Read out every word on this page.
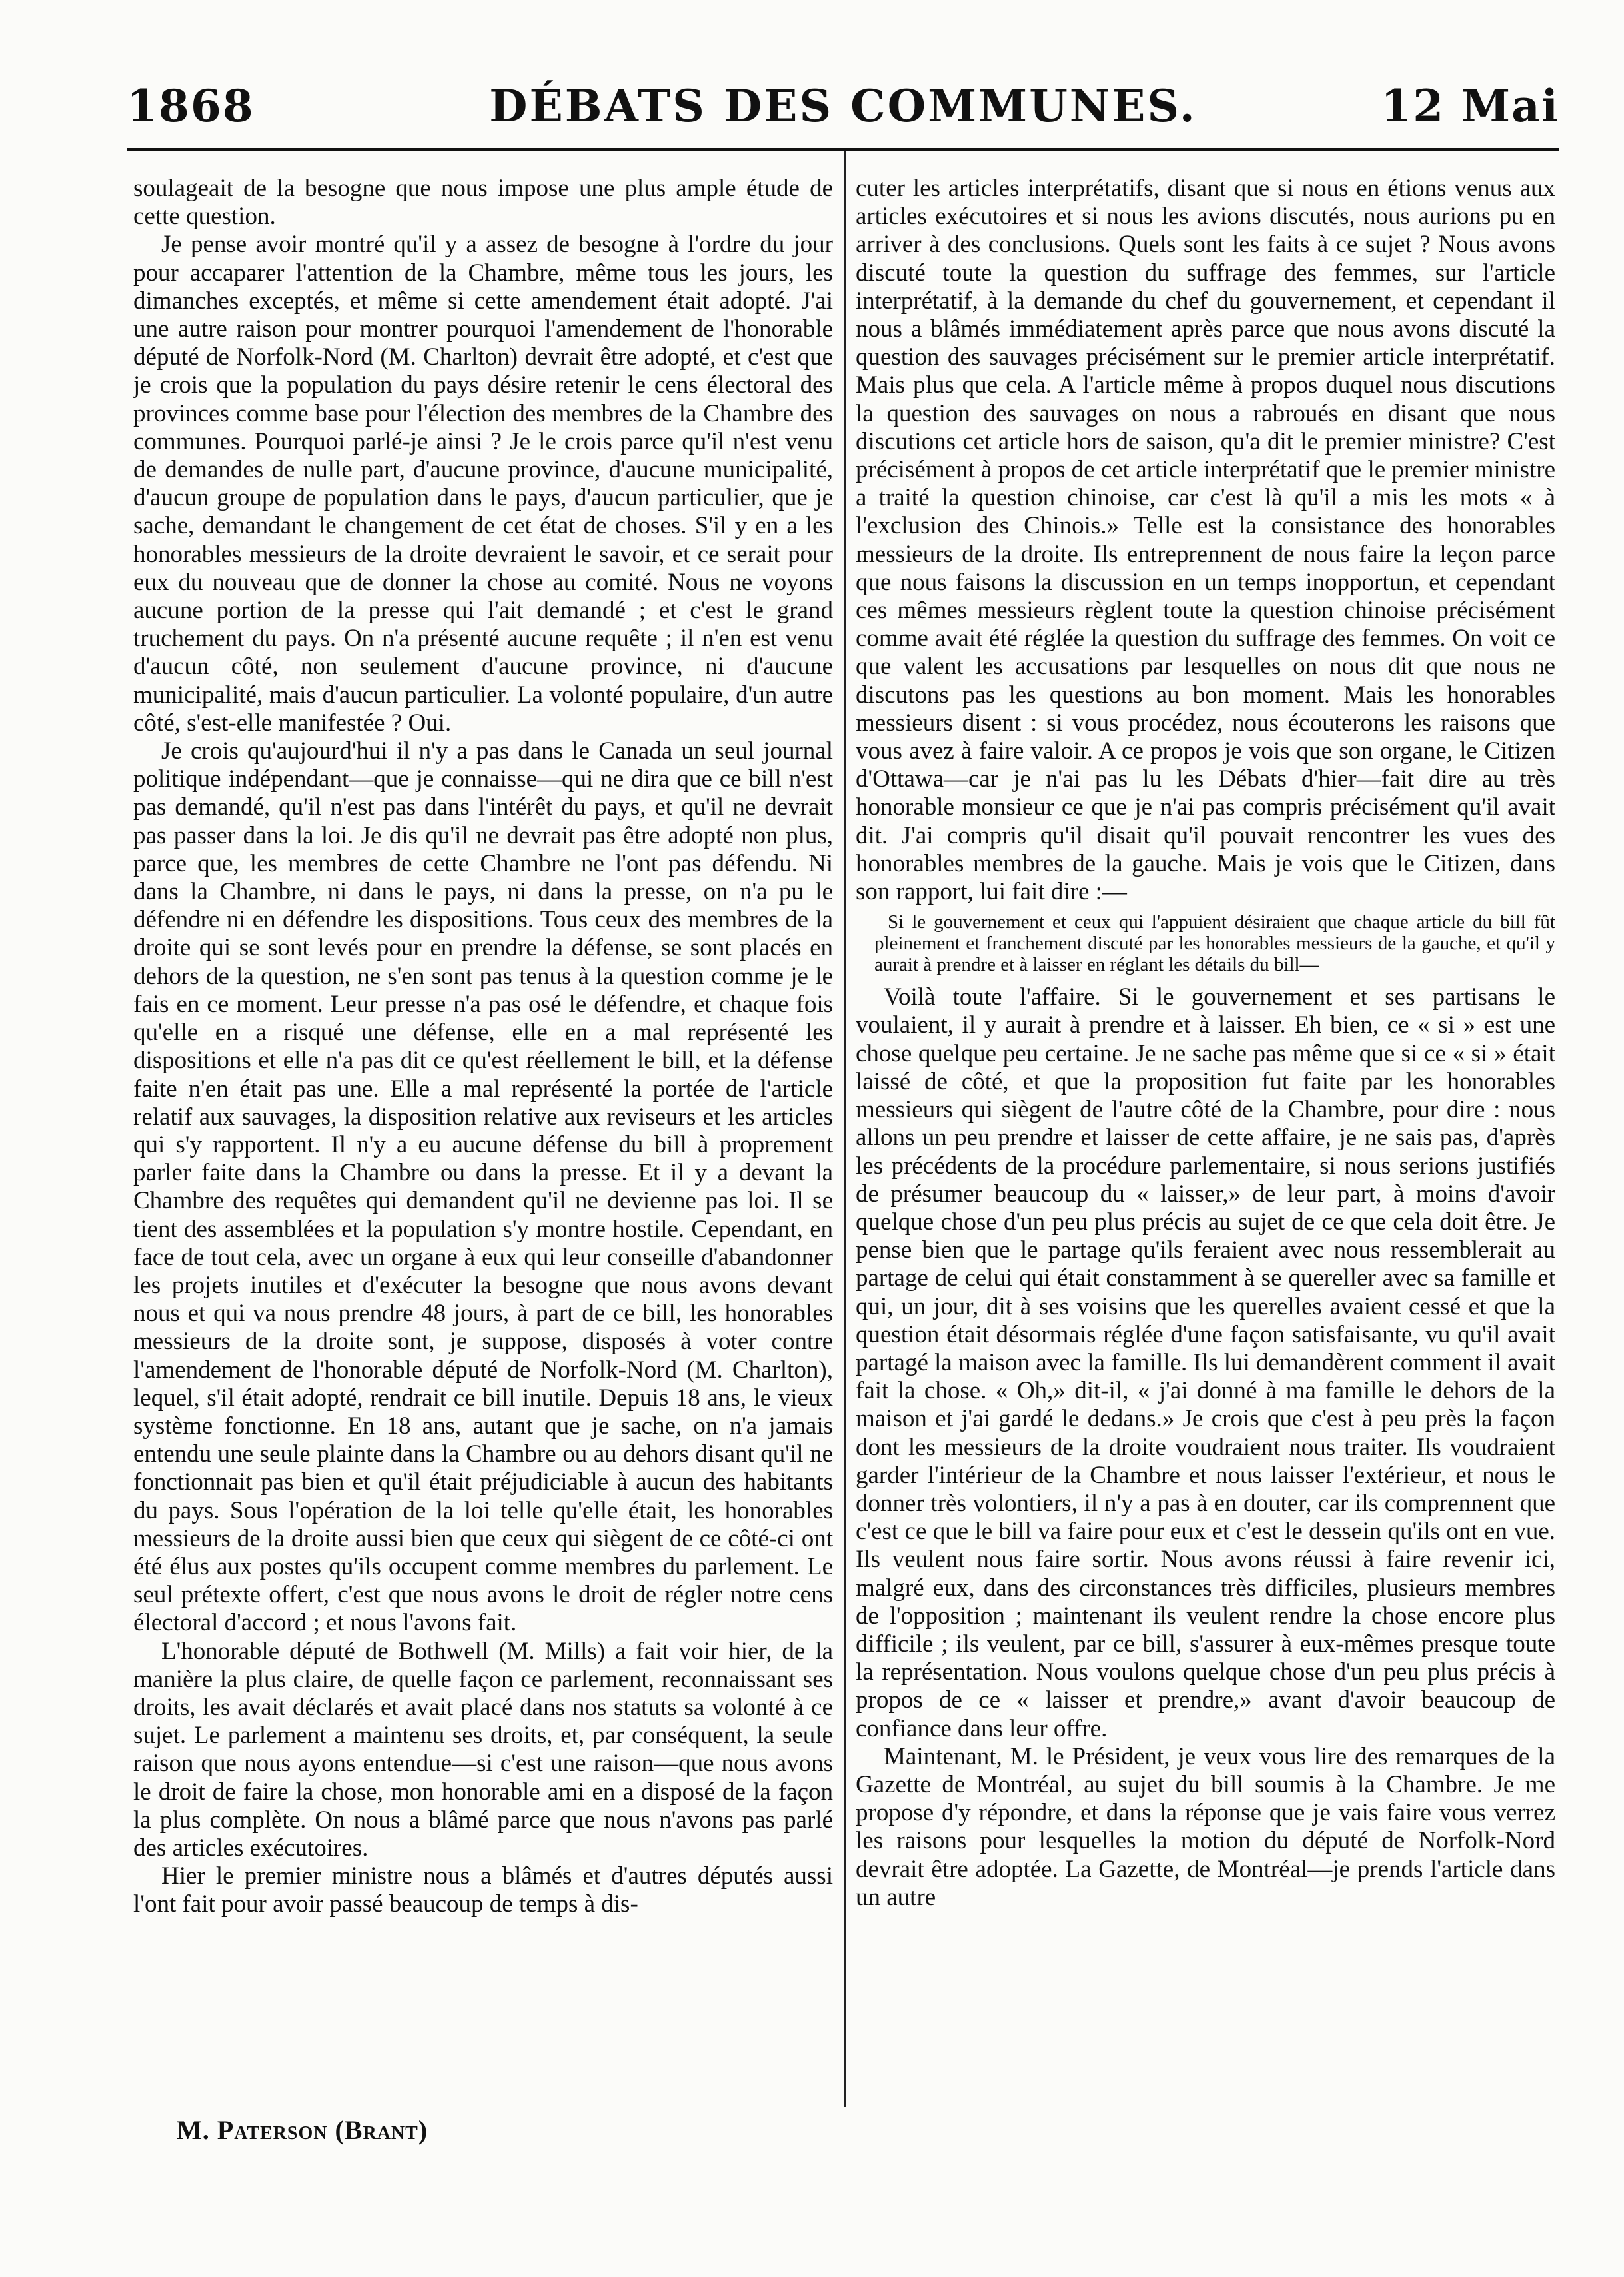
1868	DÉBATS DES COMMUNES.	12 Mai

soulageait de la besogne que nous impose une plus ample étude de cette question.

Je pense avoir montré qu'il y a assez de besogne à l'ordre du jour pour accaparer l'attention de la Chambre, même tous les jours, les dimanches exceptés, et même si cette amendement était adopté. J'ai une autre raison pour montrer pourquoi l'amendement de l'honorable député de Norfolk-Nord (M. Charlton) devrait être adopté, et c'est que je crois que la population du pays désire retenir le cens électoral des provinces comme base pour l'élection des membres de la Chambre des communes. Pourquoi parlé-je ainsi ? Je le crois parce qu'il n'est venu de demandes de nulle part, d'aucune province, d'aucune municipalité, d'aucun groupe de population dans le pays, d'aucun particulier, que je sache, demandant le changement de cet état de choses. S'il y en a les honorables messieurs de la droite devraient le savoir, et ce serait pour eux du nouveau que de donner la chose au comité. Nous ne voyons aucune portion de la presse qui l'ait demandé ; et c'est le grand truchement du pays. On n'a présenté aucune requête ; il n'en est venu d'aucun côté, non seulement d'aucune province, ni d'aucune municipalité, mais d'aucun particulier. La volonté populaire, d'un autre côté, s'est-elle manifestée ? Oui.

Je crois qu'aujourd'hui il n'y a pas dans le Canada un seul journal politique indépendant—que je connaisse—qui ne dira que ce bill n'est pas demandé, qu'il n'est pas dans l'intérêt du pays, et qu'il ne devrait pas passer dans la loi. Je dis qu'il ne devrait pas être adopté non plus, parce que, les membres de cette Chambre ne l'ont pas défendu. Ni dans la Chambre, ni dans le pays, ni dans la presse, on n'a pu le défendre ni en défendre les dispositions. Tous ceux des membres de la droite qui se sont levés pour en prendre la défense, se sont placés en dehors de la question, ne s'en sont pas tenus à la question comme je le fais en ce moment. Leur presse n'a pas osé le défendre, et chaque fois qu'elle en a risqué une défense, elle en a mal représenté les dispositions et elle n'a pas dit ce qu'est réellement le bill, et la défense faite n'en était pas une. Elle a mal représenté la portée de l'article relatif aux sauvages, la disposition relative aux reviseurs et les articles qui s'y rapportent. Il n'y a eu aucune défense du bill à proprement parler faite dans la Chambre ou dans la presse. Et il y a devant la Chambre des requêtes qui demandent qu'il ne devienne pas loi. Il se tient des assemblées et la population s'y montre hostile. Cependant, en face de tout cela, avec un organe à eux qui leur conseille d'abandonner les projets inutiles et d'exécuter la besogne que nous avons devant nous et qui va nous prendre 48 jours, à part de ce bill, les honorables messieurs de la droite sont, je suppose, disposés à voter contre l'amendement de l'honorable député de Norfolk-Nord (M. Charlton), lequel, s'il était adopté, rendrait ce bill inutile. Depuis 18 ans, le vieux système fonctionne. En 18 ans, autant que je sache, on n'a jamais entendu une seule plainte dans la Chambre ou au dehors disant qu'il ne fonctionnait pas bien et qu'il était préjudiciable à aucun des habitants du pays. Sous l'opération de la loi telle qu'elle était, les honorables messieurs de la droite aussi bien que ceux qui siègent de ce côté-ci ont été élus aux postes qu'ils occupent comme membres du parlement. Le seul prétexte offert, c'est que nous avons le droit de régler notre cens électoral d'accord ; et nous l'avons fait.

L'honorable député de Bothwell (M. Mills) a fait voir hier, de la manière la plus claire, de quelle façon ce parlement, reconnaissant ses droits, les avait déclarés et avait placé dans nos statuts sa volonté à ce sujet. Le parlement a maintenu ses droits, et, par conséquent, la seule raison que nous ayons entendue—si c'est une raison—que nous avons le droit de faire la chose, mon honorable ami en a disposé de la façon la plus complète. On nous a blâmé parce que nous n'avons pas parlé des articles exécutoires.

Hier le premier ministre nous a blâmés et d'autres députés aussi l'ont fait pour avoir passé beaucoup de temps à dis-

cuter les articles interprétatifs, disant que si nous en étions venus aux articles exécutoires et si nous les avions discutés, nous aurions pu en arriver à des conclusions. Quels sont les faits à ce sujet ? Nous avons discuté toute la question du suffrage des femmes, sur l'article interprétatif, à la demande du chef du gouvernement, et cependant il nous a blâmés immédiatement après parce que nous avons discuté la question des sauvages précisément sur le premier article interprétatif. Mais plus que cela. A l'article même à propos duquel nous discutions la question des sauvages on nous a rabroués en disant que nous discutions cet article hors de saison, qu'a dit le premier ministre? C'est précisément à propos de cet article interprétatif que le premier ministre a traité la question chinoise, car c'est là qu'il a mis les mots « à l'exclusion des Chinois.» Telle est la consistance des honorables messieurs de la droite. Ils entreprennent de nous faire la leçon parce que nous faisons la discussion en un temps inopportun, et cependant ces mêmes messieurs règlent toute la question chinoise précisément comme avait été réglée la question du suffrage des femmes. On voit ce que valent les accusations par lesquelles on nous dit que nous ne discutons pas les questions au bon moment. Mais les honorables messieurs disent : si vous procédez, nous écouterons les raisons que vous avez à faire valoir. A ce propos je vois que son organe, le Citizen d'Ottawa—car je n'ai pas lu les Débats d'hier—fait dire au très honorable monsieur ce que je n'ai pas compris précisément qu'il avait dit. J'ai compris qu'il disait qu'il pouvait rencontrer les vues des honorables membres de la gauche. Mais je vois que le Citizen, dans son rapport, lui fait dire :—

Si le gouvernement et ceux qui l'appuient désiraient que chaque article du bill fût pleinement et franchement discuté par les honorables messieurs de la gauche, et qu'il y aurait à prendre et à laisser en réglant les détails du bill—

Voilà toute l'affaire. Si le gouvernement et ses partisans le voulaient, il y aurait à prendre et à laisser. Eh bien, ce « si » est une chose quelque peu certaine. Je ne sache pas même que si ce « si » était laissé de côté, et que la proposition fut faite par les honorables messieurs qui siègent de l'autre côté de la Chambre, pour dire : nous allons un peu prendre et laisser de cette affaire, je ne sais pas, d'après les précédents de la procédure parlementaire, si nous serions justifiés de présumer beaucoup du « laisser,» de leur part, à moins d'avoir quelque chose d'un peu plus précis au sujet de ce que cela doit être. Je pense bien que le partage qu'ils feraient avec nous ressemblerait au partage de celui qui était constamment à se quereller avec sa famille et qui, un jour, dit à ses voisins que les querelles avaient cessé et que la question était désormais réglée d'une façon satisfaisante, vu qu'il avait partagé la maison avec la famille. Ils lui demandèrent comment il avait fait la chose. « Oh,» dit-il, « j'ai donné à ma famille le dehors de la maison et j'ai gardé le dedans.» Je crois que c'est à peu près la façon dont les messieurs de la droite voudraient nous traiter. Ils voudraient garder l'intérieur de la Chambre et nous laisser l'extérieur, et nous le donner très volontiers, il n'y a pas à en douter, car ils comprennent que c'est ce que le bill va faire pour eux et c'est le dessein qu'ils ont en vue. Ils veulent nous faire sortir. Nous avons réussi à faire revenir ici, malgré eux, dans des circonstances très difficiles, plusieurs membres de l'opposition ; maintenant ils veulent rendre la chose encore plus difficile ; ils veulent, par ce bill, s'assurer à eux-mêmes presque toute la représentation. Nous voulons quelque chose d'un peu plus précis à propos de ce « laisser et prendre,» avant d'avoir beaucoup de confiance dans leur offre.

Maintenant, M. le Président, je veux vous lire des remarques de la Gazette de Montréal, au sujet du bill soumis à la Chambre. Je me propose d'y répondre, et dans la réponse que je vais faire vous verrez les raisons pour lesquelles la motion du député de Norfolk-Nord devrait être adoptée. La Gazette, de Montréal—je prends l'article dans un autre

M. Paterson (Brant)
